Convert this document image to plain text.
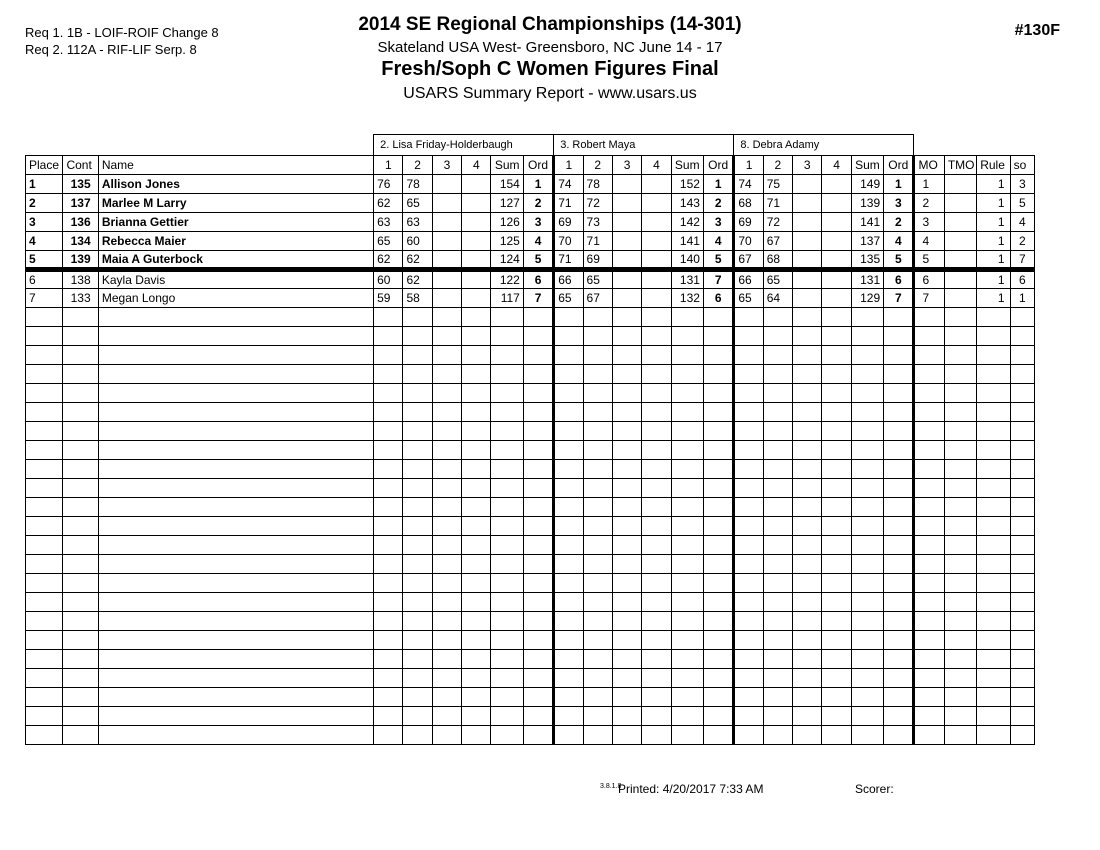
Req 1. 1B - LOIF-ROIF Change 8
Req 2. 112A - RIF-LIF Serp. 8
2014 SE Regional Championships (14-301)
Skateland USA West- Greensboro, NC June 14 - 17
Fresh/Soph C Women Figures Final
USARS Summary Report - www.usars.us
#130F
			2. Lisa Friday-Holderbaugh						3. Robert Maya						8. Debra Adamy									
Place	Cont	Name	1	2	3	4	Sum	Ord	1	2	3	4	Sum	Ord	1	2	3	4	Sum	Ord	MO	TMO	Rule	so
1	135	Allison Jones	76	78			154	1	74	78			152	1	74	75			149	1	1		1	3
2	137	Marlee M Larry	62	65			127	2	71	72			143	2	68	71			139	3	2		1	5
3	136	Brianna Gettier	63	63			126	3	69	73			142	3	69	72			141	2	3		1	4
4	134	Rebecca Maier	65	60			125	4	70	71			141	4	70	67			137	4	4		1	2
5	139	Maia A Guterbock	62	62			124	5	71	69			140	5	67	68			135	5	5		1	7
6	138	Kayla Davis	60	62			122	6	66	65			131	7	66	65			131	6	6		1	6
7	133	Megan Longo	59	58			117	7	65	67			132	6	65	64			129	7	7		1	1

3.8.1.8
Printed: 4/20/2017 7:33 AM	Scorer:
